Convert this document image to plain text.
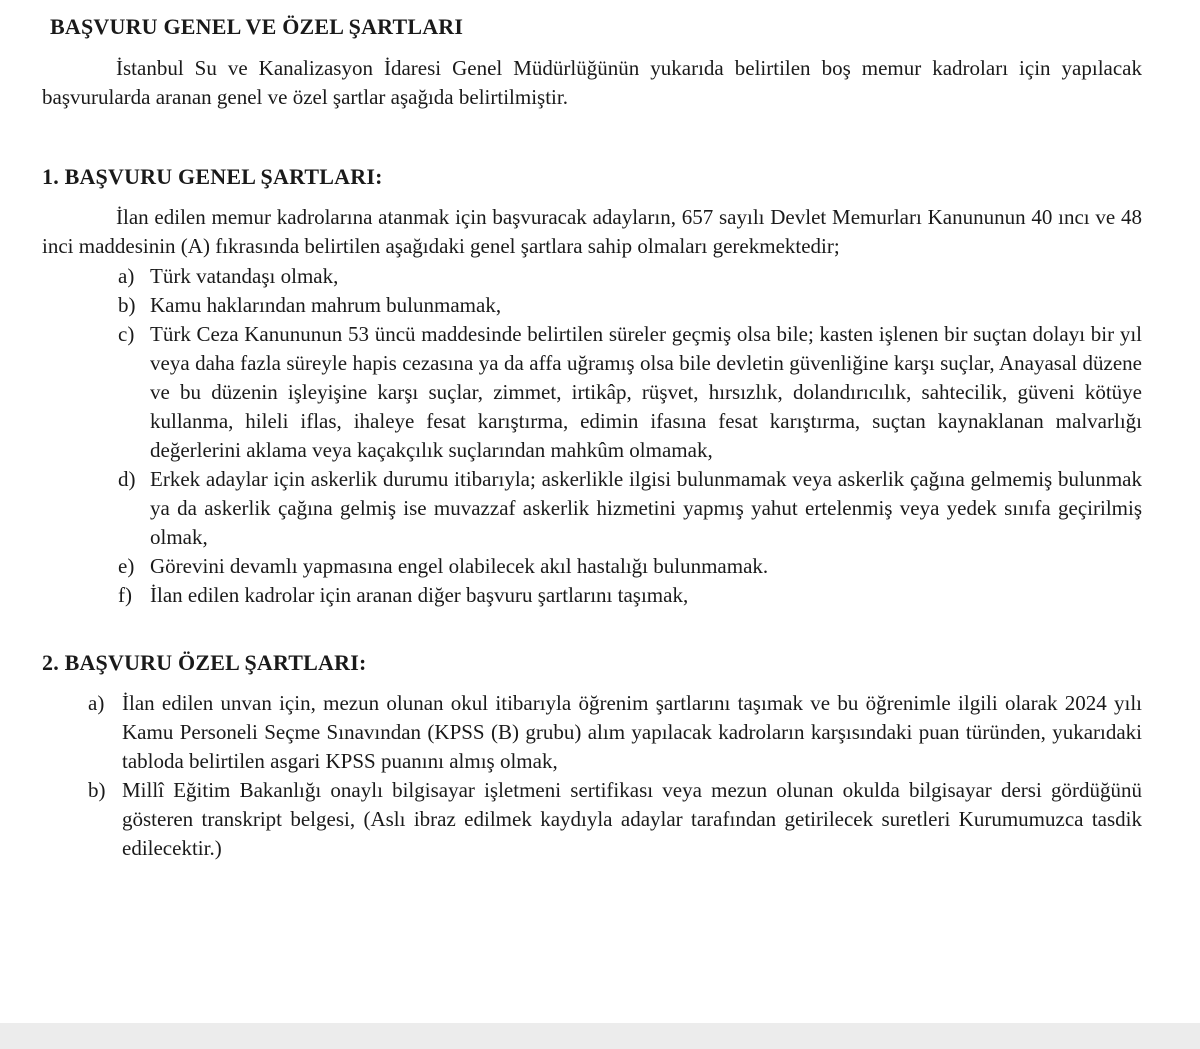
BAŞVURU GENEL VE ÖZEL ŞARTLARI

İstanbul Su ve Kanalizasyon İdaresi Genel Müdürlüğünün yukarıda belirtilen boş memur kadroları için yapılacak başvurularda aranan genel ve özel şartlar aşağıda belirtilmiştir.

1. BAŞVURU GENEL ŞARTLARI:

İlan edilen memur kadrolarına atanmak için başvuracak adayların, 657 sayılı Devlet Memurları Kanununun 40 ıncı ve 48 inci maddesinin (A) fıkrasında belirtilen aşağıdaki genel şartlara sahip olmaları gerekmektedir;

a) Türk vatandaşı olmak,
b) Kamu haklarından mahrum bulunmamak,
c) Türk Ceza Kanununun 53 üncü maddesinde belirtilen süreler geçmiş olsa bile; kasten işlenen bir suçtan dolayı bir yıl veya daha fazla süreyle hapis cezasına ya da affa uğramış olsa bile devletin güvenliğine karşı suçlar, Anayasal düzene ve bu düzenin işleyişine karşı suçlar, zimmet, irtikâp, rüşvet, hırsızlık, dolandırıcılık, sahtecilik, güveni kötüye kullanma, hileli iflas, ihaleye fesat karıştırma, edimin ifasına fesat karıştırma, suçtan kaynaklanan malvarlığı değerlerini aklama veya kaçakçılık suçlarından mahkûm olmamak,
d) Erkek adaylar için askerlik durumu itibarıyla; askerlikle ilgisi bulunmamak veya askerlik çağına gelmemiş bulunmak ya da askerlik çağına gelmiş ise muvazzaf askerlik hizmetini yapmış yahut ertelenmiş veya yedek sınıfa geçirilmiş olmak,
e) Görevini devamlı yapmasına engel olabilecek akıl hastalığı bulunmamak.
f) İlan edilen kadrolar için aranan diğer başvuru şartlarını taşımak,
2. BAŞVURU ÖZEL ŞARTLARI:
a) İlan edilen unvan için, mezun olunan okul itibarıyla öğrenim şartlarını taşımak ve bu öğrenimle ilgili olarak 2024 yılı Kamu Personeli Seçme Sınavından (KPSS (B) grubu) alım yapılacak kadroların karşısındaki puan türünden, yukarıdaki tabloda belirtilen asgari KPSS puanını almış olmak,
b) Millî Eğitim Bakanlığı onaylı bilgisayar işletmeni sertifikası veya mezun olunan okulda bilgisayar dersi gördüğünü gösteren transkript belgesi, (Aslı ibraz edilmek kaydıyla adaylar tarafından getirilecek suretleri Kurumumuzca tasdik edilecektir.)
